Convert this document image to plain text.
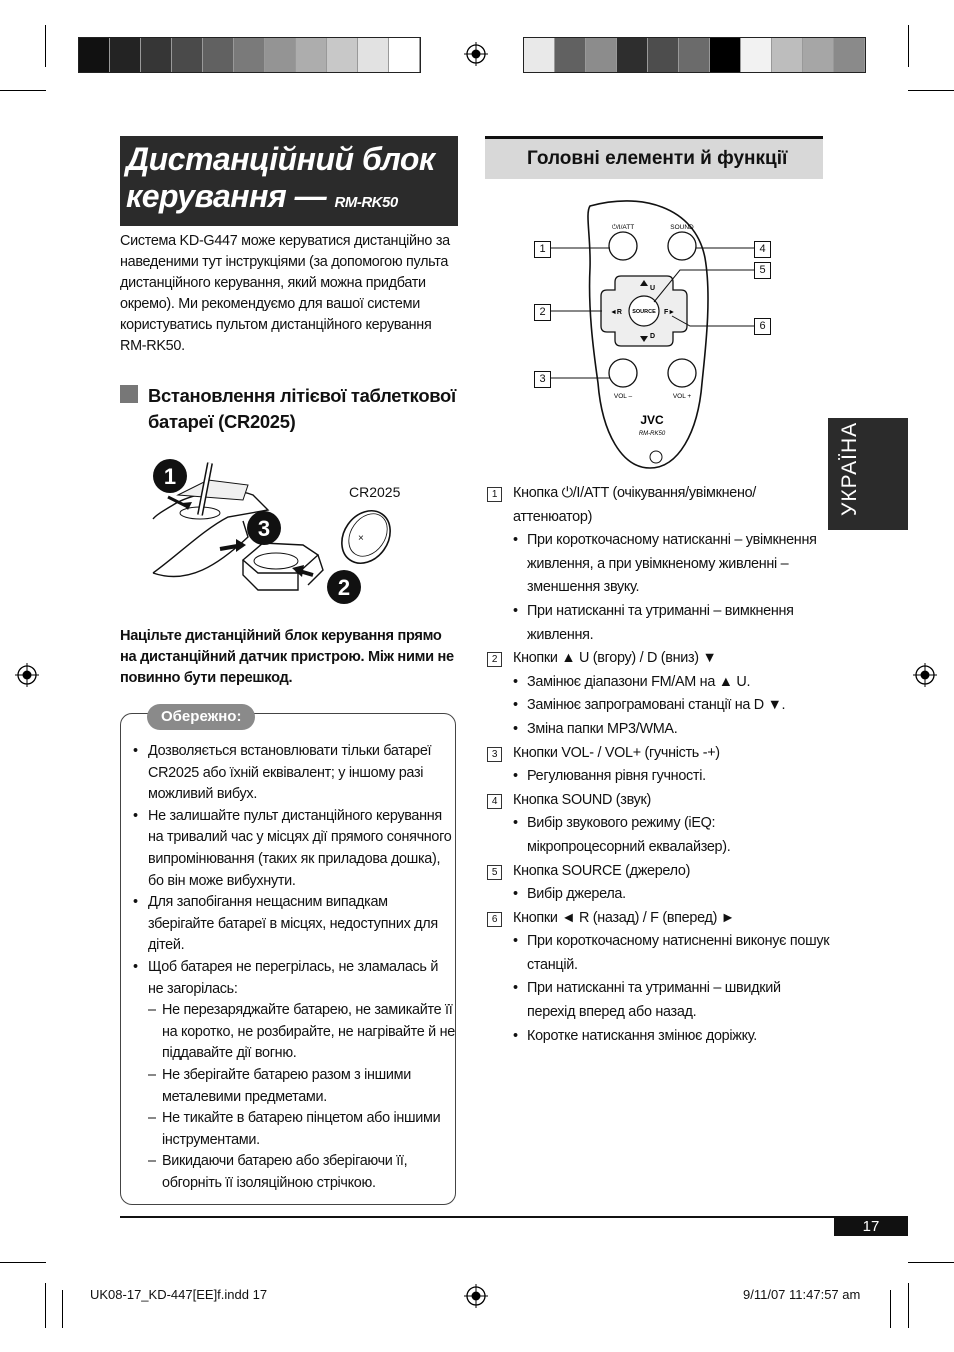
Дистанційний блок
керування — RM-RK50
Головні елементи й функції
Система KD-G447 може керуватися дистанційно за наведеними тут інструкціями (за допомогою пульта дистанційного керування, який можна придбати окремо). Ми рекомендуємо для вашої системи користуватись пультом дистанційного керування RM-RK50.
Встановлення літієвої таблеткової батареї (CR2025)
×
CR2025
1
2
3
Націльте дистанційний блок керування прямо на дистанційний датчик пристрою. Між ними не повинно бути перешкод.
Обережно:
• Дозволяється встановлювати тільки батареї CR2025 або їхній еквівалент; у іншому разі можливий вибух.
• Не залишайте пульт дистанційного керування на тривалий час у місцях дії прямого сонячного випромінювання (таких як приладова дошка), бо він може вибухнути.
• Для запобігання нещасним випадкам зберігайте батареї в місцях, недоступних для дітей.
• Щоб батарея не перегрілась, не зламалась й не загорілась:
– Не перезаряджайте батарею, не замикайте її на коротко, не розбирайте, не нагрівайте й не піддавайте дії вогню.
– Не зберігайте батарею разом з іншими металевими предметами.
– Не тикайте в батарею пінцетом або іншими інструментами.
– Викидаючи батарею або зберігаючи її, обгорніть її ізоляційною стрічкою.
⏻/I/ATT	SOUND
SOURCE
U
D
◄R	F►
VOL –	VOL +
JVC
RM-RK50
1
2
3
4
5
6
1	Кнопка ⏻/I/ATT (очікування/увімкнено/ аттенюатор)
• При короткочасному натисканні – увімкнення живлення, а при увімкненому живленні – зменшення звуку.
• При натисканні та утриманні – вимкнення живлення.
2	Кнопки ▲ U (вгору) / D (вниз) ▼
• Замінює діапазони FM/AM на ▲ U.
• Замінює запрограмовані станції на D ▼.
• Зміна папки MP3/WMA.
3	Кнопки VOL- / VOL+ (гучність -+)
• Регулювання рівня гучності.
4	Кнопка SOUND (звук)
• Вибір звукового режиму (iEQ: мікропроцесорний еквалайзер).
5	Кнопка SOURCE (джерело)
• Вибір джерела.
6	Кнопки ◄ R (назад) / F (вперед) ►
• При короткочасному натисненні виконує пошук станцій.
• При натисканні та утриманні – швидкий перехід вперед або назад.
• Коротке натискання змінює доріжку.
УКРАЇНА
17
UK08-17_KD-447[EE]f.indd 17	9/11/07 11:47:57 am
